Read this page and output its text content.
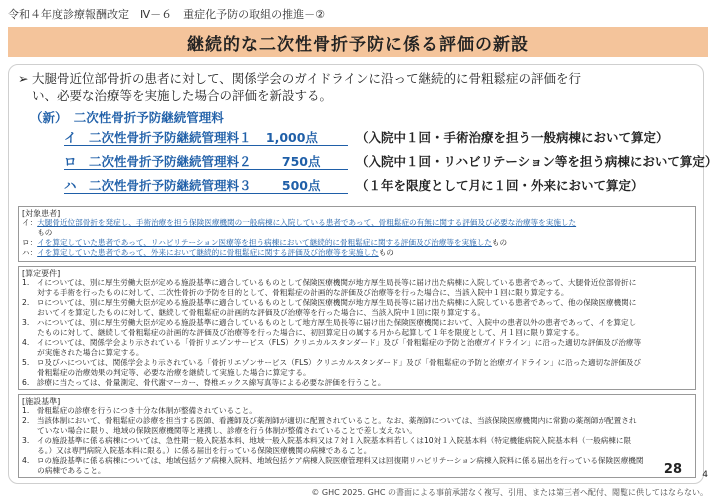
令和４年度診療報酬改定　Ⅳ－６　重症化予防の取組の推進－②
継続的な二次性骨折予防に係る評価の新設
➢ 大腿骨近位部骨折の患者に対して、関係学会のガイドラインに沿って継続的に骨粗鬆症の評価を行
い、必要な治療等を実施した場合の評価を新設する。
（新）　二次性骨折予防継続管理料
イ　二次性骨折予防継続管理料１ 1,000点	（入院中１回・手術治療を担う一般病棟において算定）
ロ　二次性骨折予防継続管理料２ 750点	（入院中１回・リハビリテーション等を担う病棟において算定）
ハ　二次性骨折予防継続管理料３ 500点	（１年を限度として月に１回・外来において算定）
[対象患者]
イ：大腿骨近位部骨折を発症し、手術治療を担う保険医療機関の一般病棟に入院している患者であって、骨粗鬆症の有無に関する評価及び必要な治療等を実施した
　　もの
ロ：イを算定していた患者であって、リハビリテーション医療等を担う病棟において継続的に骨粗鬆症に関する評価及び治療等を実施したもの
ハ：イを算定していた患者であって、外来において継続的に骨粗鬆症に関する評価及び治療等を実施したもの
[算定要件]
1.　イについては、別に厚生労働大臣が定める施設基準に適合しているものとして保険医療機関が地方厚生局長等に届け出た病棟に入院している患者であって、大腿骨近位部骨折に
　　対する手術を行ったものに対して、二次性骨折の予防を目的として、骨粗鬆症の計画的な評価及び治療等を行った場合に、当該入院中１回に限り算定する。
2.　ロについては、別に厚生労働大臣が定める施設基準に適合しているものとして保険医療機関が地方厚生局長等に届け出た病棟に入院している患者であって、他の保険医療機関に
　　おいてイを算定したものに対して、継続して骨粗鬆症の計画的な評価及び治療等を行った場合に、当該入院中１回に限り算定する。
3.　ハについては、別に厚生労働大臣が定める施設基準に適合しているものとして地方厚生局長等に届け出た保険医療機関において、入院中の患者以外の患者であって、イを算定し
　　たものに対して、継続して骨粗鬆症の計画的な評価及び治療等を行った場合に、初回算定日の属する月から起算して１年を限度として、月１回に限り算定する。
4.　イについては、関係学会より示されている「骨折リエゾンサービス（FLS）クリニカルスタンダード」及び「骨粗鬆症の予防と治療ガイドライン」に沿った適切な評価及び治療等
　　が実施された場合に算定する。
5.　ロ及びハについては、関係学会より示されている「骨折リエゾンサービス（FLS）クリニカルスタンダード」及び「骨粗鬆症の予防と治療ガイドライン」に沿った適切な評価及び
　　骨粗鬆症の治療効果の判定等、必要な治療を継続して実施した場合に算定する。
6.　診療に当たっては、骨量測定、骨代謝マーカー、脊椎エックス線写真等による必要な評価を行うこと。
[施設基準]
1.　骨粗鬆症の診療を行うにつき十分な体制が整備されていること。
2.　当該体制において、骨粗鬆症の診療を担当する医師、看護師及び薬剤師が適切に配置されていること。なお、薬剤師については、当該保険医療機関内に常勤の薬剤師が配置され
　　ていない場合に限り、地域の保険医療機関等と連携し、診療を行う体制が整備されていることで差し支えない。
3.　イの施設基準に係る病棟については、急性期一般入院基本料、地域一般入院基本料又は７対１入院基本料若しくは10対１入院基本料（特定機能病院入院基本料（一般病棟に限
　　る。）又は専門病院入院基本料に限る。）に係る届出を行っている保険医療機関の病棟であること。
4.　ロの施設基準に係る病棟については、地域包括ケア病棟入院料、地域包括ケア病棟入院医療管理料又は回復期リハビリテーション病棟入院料に係る届出を行っている保険医療機関
　　の病棟であること。	28 4
© GHC 2025. GHC の書面による事前承諾なく複写、引用、または第三者へ配付、閲覧に供してはならない。
